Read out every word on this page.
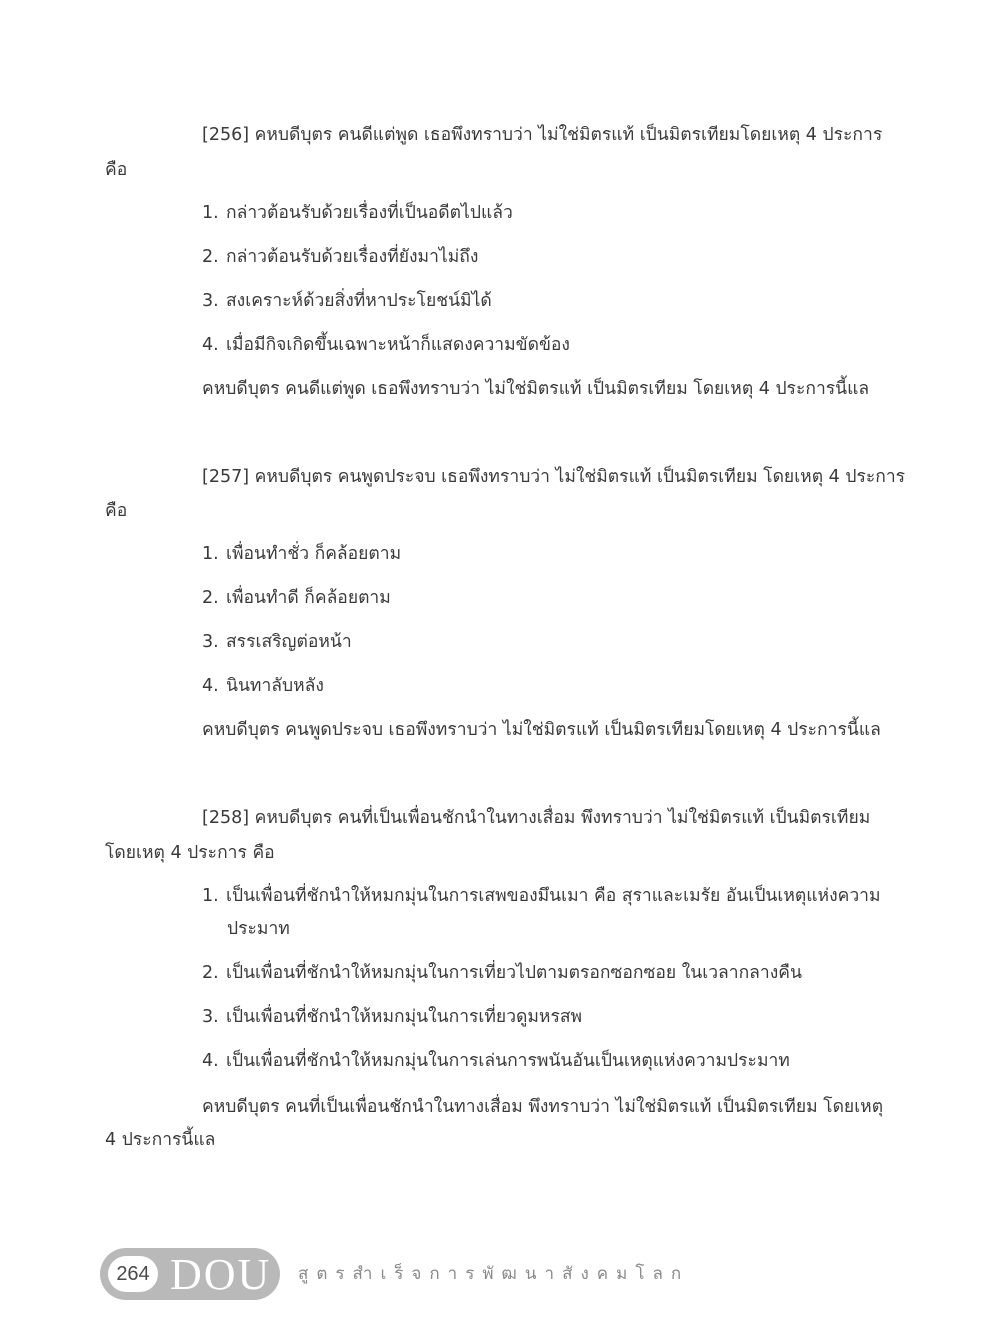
[256] คหบดีบุตร คนดีแต่พูด เธอพึงทราบว่า ไม่ใช่มิตรแท้ เป็นมิตรเทียมโดยเหตุ 4 ประการ
คือ
1. กล่าวต้อนรับด้วยเรื่องที่เป็นอดีตไปแล้ว
2. กล่าวต้อนรับด้วยเรื่องที่ยังมาไม่ถึง
3. สงเคราะห์ด้วยสิ่งที่หาประโยชน์มิได้
4. เมื่อมีกิจเกิดขึ้นเฉพาะหน้าก็แสดงความขัดข้อง
คหบดีบุตร คนดีแต่พูด เธอพึงทราบว่า ไม่ใช่มิตรแท้ เป็นมิตรเทียม โดยเหตุ 4 ประการนี้แล
[257] คหบดีบุตร คนพูดประจบ เธอพึงทราบว่า ไม่ใช่มิตรแท้ เป็นมิตรเทียม โดยเหตุ 4 ประการ
คือ
1. เพื่อนทำชั่ว ก็คล้อยตาม
2. เพื่อนทำดี ก็คล้อยตาม
3. สรรเสริญต่อหน้า
4. นินทาลับหลัง
คหบดีบุตร คนพูดประจบ เธอพึงทราบว่า ไม่ใช่มิตรแท้ เป็นมิตรเทียมโดยเหตุ 4 ประการนี้แล
[258] คหบดีบุตร คนที่เป็นเพื่อนชักนำในทางเสื่อม พึงทราบว่า ไม่ใช่มิตรแท้ เป็นมิตรเทียม
โดยเหตุ 4 ประการ คือ
1. เป็นเพื่อนที่ชักนำให้หมกมุ่นในการเสพของมึนเมา คือ สุราและเมรัย อันเป็นเหตุแห่งความ
ประมาท
2. เป็นเพื่อนที่ชักนำให้หมกมุ่นในการเที่ยวไปตามตรอกซอกซอย ในเวลากลางคืน
3. เป็นเพื่อนที่ชักนำให้หมกมุ่นในการเที่ยวดูมหรสพ
4. เป็นเพื่อนที่ชักนำให้หมกมุ่นในการเล่นการพนันอันเป็นเหตุแห่งความประมาท
คหบดีบุตร คนที่เป็นเพื่อนชักนำในทางเสื่อม พึงทราบว่า ไม่ใช่มิตรแท้ เป็นมิตรเทียม โดยเหตุ
4 ประการนี้แล
264 DOU สูตรสำเร็จการพัฒนาสังคมโลก
